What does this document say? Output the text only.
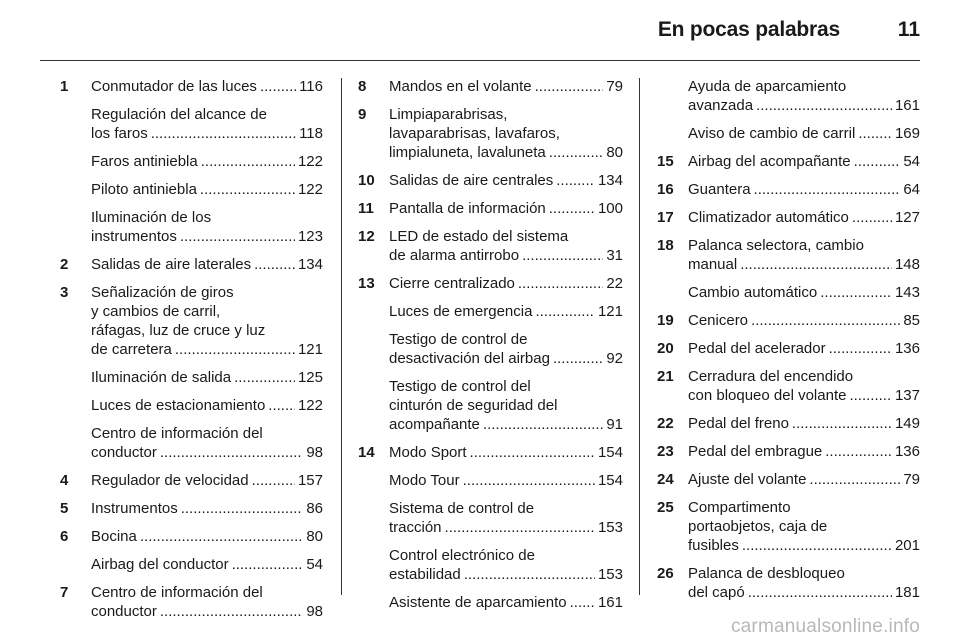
En pocas palabras	11
1 Conmutador de las luces .....	116
Regulación del alcance de
los faros .....	118
Faros antiniebla .....	122
Piloto antiniebla .....	122
Iluminación de los
instrumentos .....	123
2 Salidas de aire laterales .....	134
3 Señalización de giros
y cambios de carril,
ráfagas, luz de cruce y luz
de carretera .....	121
Iluminación de salida .....	125
Luces de estacionamiento ..... 122
Centro de información del
conductor .....	98
4 Regulador de velocidad .....	157
5 Instrumentos .....	86
6 Bocina .....	80
Airbag del conductor .....	54
7 Centro de información del
conductor .....	98
8 Mandos en el volante .....	79
9 Limpiaparabrisas,
lavaparabrisas, lavafaros,
limpialuneta, lavaluneta .....	80
10 Salidas de aire centrales .....	134
11 Pantalla de información .....	100
12 LED de estado del sistema
de alarma antirrobo .....	31
13 Cierre centralizado .....	22
Luces de emergencia .....	121
Testigo de control de
desactivación del airbag .....	92
Testigo de control del
cinturón de seguridad del
acompañante .....	91
14 Modo Sport .....	154
Modo Tour .....	154
Sistema de control de
tracción .....	153
Control electrónico de
estabilidad .....	153
Asistente de aparcamiento ..... 161
Ayuda de aparcamiento
avanzada .....	161
Aviso de cambio de carril .....	169
15 Airbag del acompañante .....	54
16 Guantera .....	64
17 Climatizador automático .....	127
18 Palanca selectora, cambio
manual .....	148
Cambio automático .....	143
19 Cenicero .....	85
20 Pedal del acelerador .....	136
21 Cerradura del encendido
con bloqueo del volante .....	137
22 Pedal del freno .....	149
23 Pedal del embrague .....	136
24 Ajuste del volante .....	79
25 Compartimento
portaobjetos, caja de
fusibles .....	201
26 Palanca de desbloqueo
del capó .....	181
carmanualsonline.info
